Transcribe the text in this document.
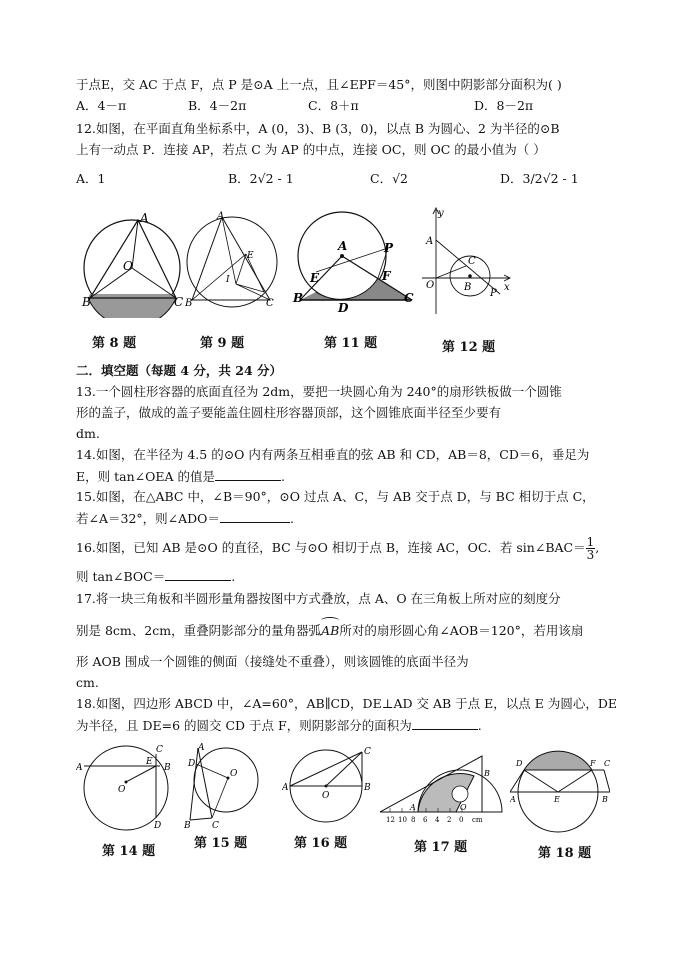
于点E，交 AC 于点 F，点 P 是⊙A 上一点，且∠EPF＝45°，则图中阴影部分面积为( )
A．4－π	B．4－2π	C．8＋π	D．8－2π
12.如图，在平面直角坐标系中，A (0，3)、B (3，0)，以点 B 为圆心、2 为半径的⊙B
上有一动点 P．连接 AP，若点 C 为 AP 的中点，连接 OC，则 OC 的最小值为（ ）
A．1	B．2√2 - 1	C．√2	D．3/2√2 - 1
A
O
B	C
第 8 题
A
E
I
B	C
第 9 题
A	P
E	F
B
D
C
第 11 题
y
A
C
O	B
P
x
第 12 题
二．填空题（每题 4 分，共 24 分）
13.一个圆柱形容器的底面直径为 2dm，要把一块圆心角为 240°的扇形铁板做一个圆锥
形的盖子，做成的盖子要能盖住圆柱形容器顶部，这个圆锥底面半径至少要有
dm.
14.如图，在半径为 4.5 的⊙O 内有两条互相垂直的弦 AB 和 CD，AB＝8，CD＝6，垂足为
E，则 tan∠OEA 的值是	.
15.如图，在△ABC 中，∠B＝90°，⊙O 过点 A、C，与 AB 交于点 D，与 BC 相切于点 C，
若∠A＝32°，则∠ADO＝	.
16.如图，已知 AB 是⊙O 的直径，BC 与⊙O 相切于点 B，连接 AC，OC．若 sin∠BAC＝ $\frac{1}{3}$ ,
则 tan∠BOC＝	.
17.将一块三角板和半圆形量角器按图中方式叠放，点 A、O 在三角板上所对应的刻度分
别是 8cm、2cm，重叠阴影部分的量角器弧
AB所对的扇形圆心角∠AOB＝120°，若用该扇
形 AOB 围成一个圆锥的侧面（接缝处不重叠），则该圆锥的底面半径为
cm.
18.如图，四边形 ABCD 中，∠A=60°，AB∥CD，DE⊥AD 交 AB 于点 E，以点 E 为圆心，DE
为半径，且 DE=6 的圆交 CD 于点 F，则阴影部分的面积为	.
A
E
B
C
O
D
第 14 题
A
D
O
B C
第 15 题
A
O
B
C
第 16 题
B
A	O
12 10 8 6 4 2 0 cm
第 17 题
D	F C
A	E	B
第 18 题
